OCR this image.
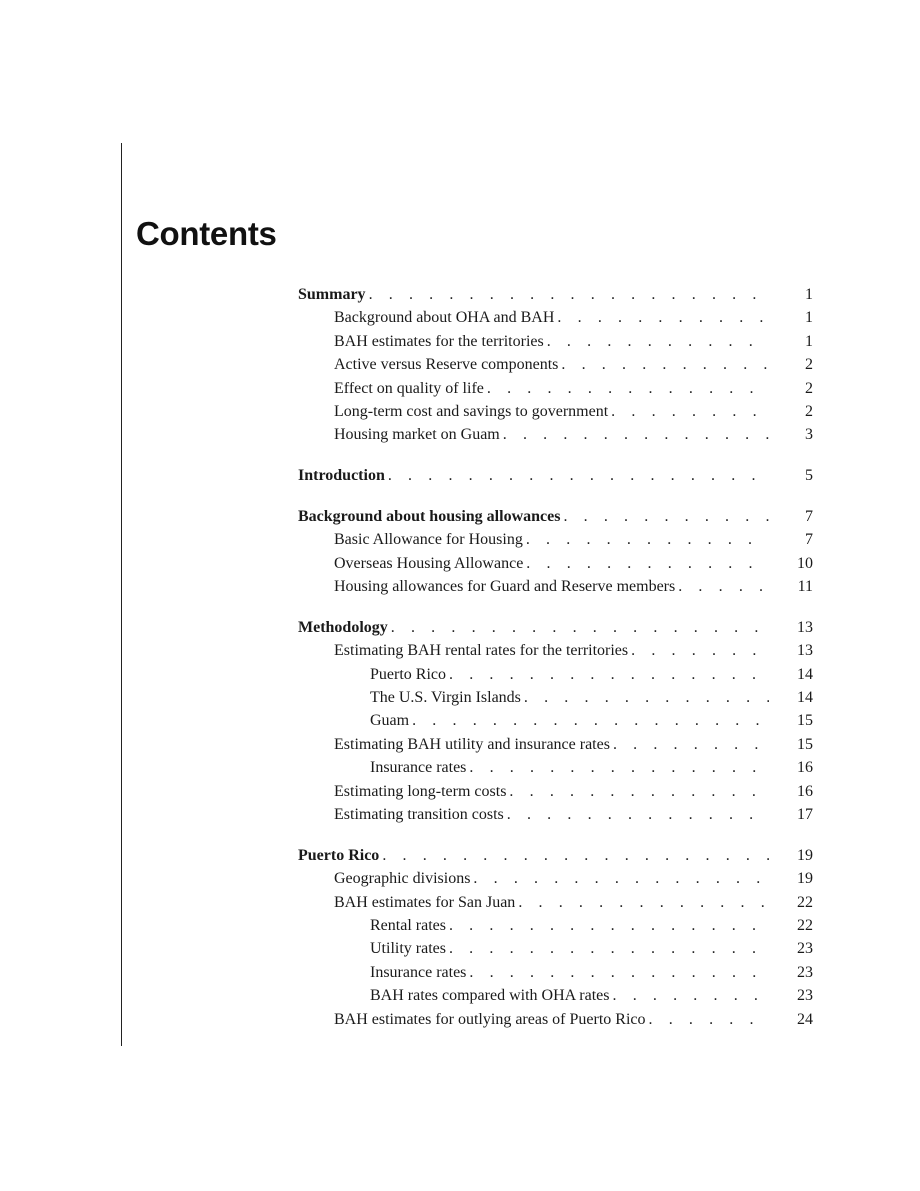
Contents
Summary . . .	1
Background about OHA and BAH . . .	1
BAH estimates for the territories . . .	1
Active versus Reserve components . . .	2
Effect on quality of life . . .	2
Long-term cost and savings to government . . .	2
Housing market on Guam . . .	3
Introduction . . .	5
Background about housing allowances . . .	7
Basic Allowance for Housing . . .	7
Overseas Housing Allowance . . .	10
Housing allowances for Guard and Reserve members . . .	11
Methodology . . .	13
Estimating BAH rental rates for the territories . . .	13
Puerto Rico . . .	14
The U.S. Virgin Islands . . .	14
Guam . . .	15
Estimating BAH utility and insurance rates . . .	15
Insurance rates . . .	16
Estimating long-term costs . . .	16
Estimating transition costs . . .	17
Puerto Rico . . .	19
Geographic divisions . . .	19
BAH estimates for San Juan . . .	22
Rental rates . . .	22
Utility rates . . .	23
Insurance rates . . .	23
BAH rates compared with OHA rates . . .	23
BAH estimates for outlying areas of Puerto Rico . . .	24
